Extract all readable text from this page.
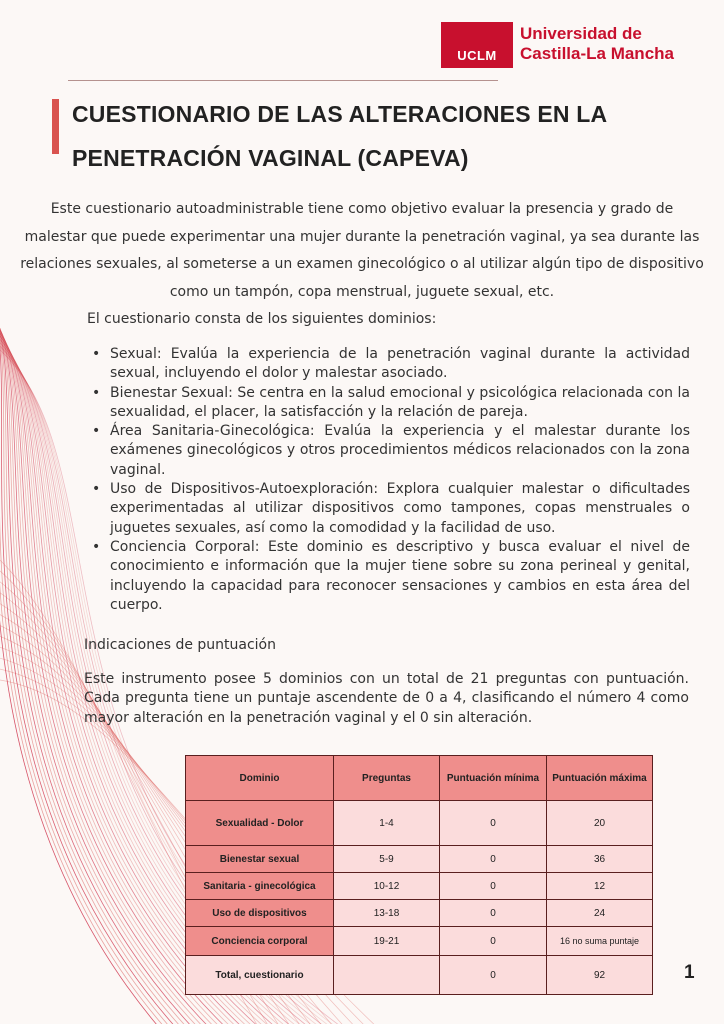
UCLM
Universidad de
Castilla-La Mancha
CUESTIONARIO DE LAS ALTERACIONES EN LA PENETRACIÓN VAGINAL (CAPEVA)

Este cuestionario autoadministrable tiene como objetivo evaluar la presencia y grado de malestar que puede experimentar una mujer durante la penetración vaginal, ya sea durante las relaciones sexuales, al someterse a un examen ginecológico o al utilizar algún tipo de dispositivo como un tampón, copa menstrual, juguete sexual, etc.

El cuestionario consta de los siguientes dominios:

• Sexual: Evalúa la experiencia de la penetración vaginal durante la actividad sexual, incluyendo el dolor y malestar asociado.
• Bienestar Sexual: Se centra en la salud emocional y psicológica relacionada con la sexualidad, el placer, la satisfacción y la relación de pareja.
• Área Sanitaria-Ginecológica: Evalúa la experiencia y el malestar durante los exámenes ginecológicos y otros procedimientos médicos relacionados con la zona vaginal.
• Uso de Dispositivos-Autoexploración: Explora cualquier malestar o dificultades experimentadas al utilizar dispositivos como tampones, copas menstruales o juguetes sexuales, así como la comodidad y la facilidad de uso.
• Conciencia Corporal: Este dominio es descriptivo y busca evaluar el nivel de conocimiento e información que la mujer tiene sobre su zona perineal y genital, incluyendo la capacidad para reconocer sensaciones y cambios en esta área del cuerpo.

Indicaciones de puntuación

Este instrumento posee 5 dominios con un total de 21 preguntas con puntuación. Cada pregunta tiene un puntaje ascendente de 0 a 4, clasificando el número 4 como mayor alteración en la penetración vaginal y el 0 sin alteración.

Dominio	Preguntas	Puntuación mínima	Puntuación máxima
Sexualidad - Dolor	1-4	0	20
Bienestar sexual	5-9	0	36
Sanitaria - ginecológica	10-12	0	12
Uso de dispositivos	13-18	0	24
Conciencia corporal	19-21	0	16 no suma puntaje
Total, cuestionario		0	92	1
